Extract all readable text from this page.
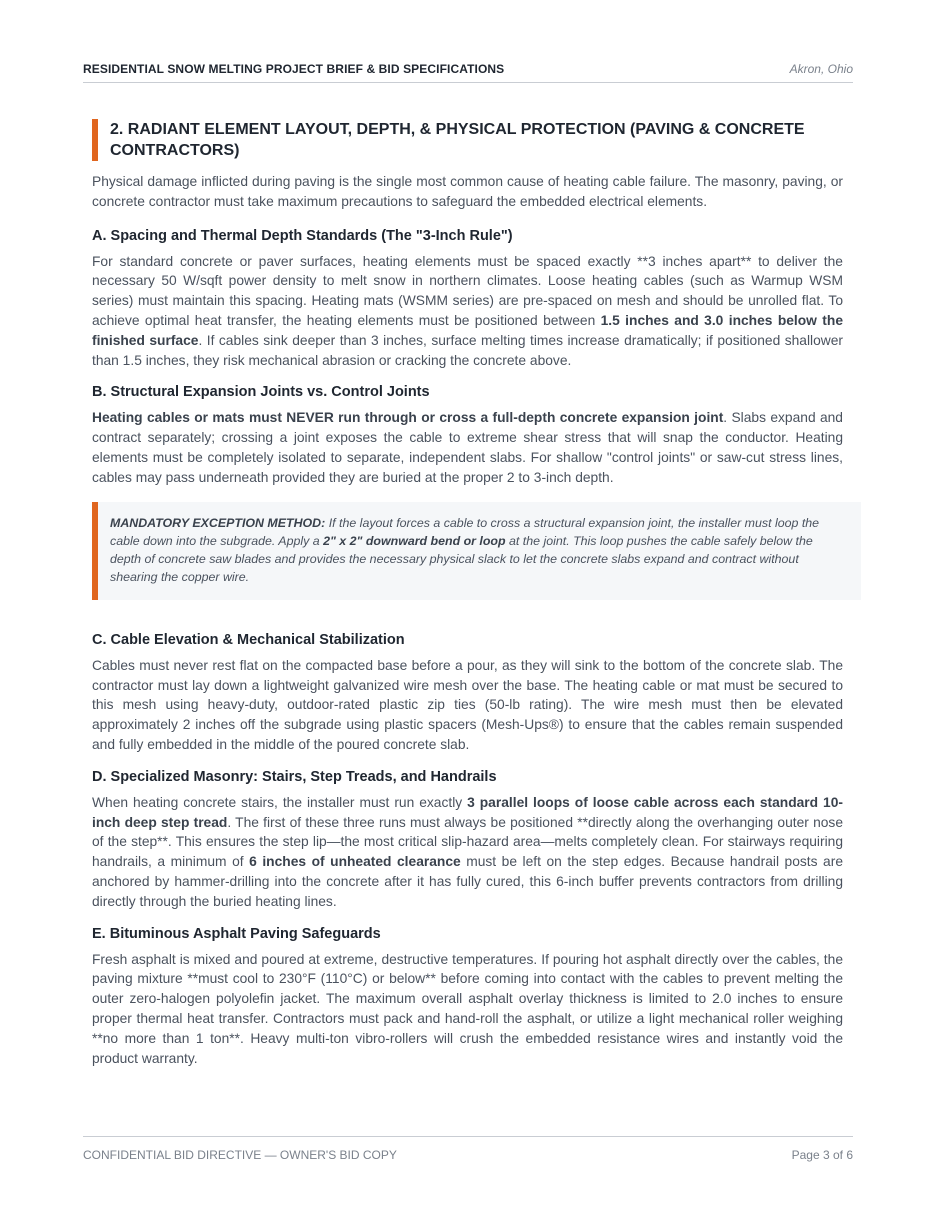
RESIDENTIAL SNOW MELTING PROJECT BRIEF & BID SPECIFICATIONS	Akron, Ohio
2. RADIANT ELEMENT LAYOUT, DEPTH, & PHYSICAL PROTECTION (PAVING & CONCRETE CONTRACTORS)

Physical damage inflicted during paving is the single most common cause of heating cable failure. The masonry, paving, or concrete contractor must take maximum precautions to safeguard the embedded electrical elements.

A. Spacing and Thermal Depth Standards (The "3-Inch Rule")

For standard concrete or paver surfaces, heating elements must be spaced exactly **3 inches apart** to deliver the necessary 50 W/sqft power density to melt snow in northern climates. Loose heating cables (such as Warmup WSM series) must maintain this spacing. Heating mats (WSMM series) are pre-spaced on mesh and should be unrolled flat. To achieve optimal heat transfer, the heating elements must be positioned between 1.5 inches and 3.0 inches below the finished surface. If cables sink deeper than 3 inches, surface melting times increase dramatically; if positioned shallower than 1.5 inches, they risk mechanical abrasion or cracking the concrete above.

B. Structural Expansion Joints vs. Control Joints

Heating cables or mats must NEVER run through or cross a full-depth concrete expansion joint. Slabs expand and contract separately; crossing a joint exposes the cable to extreme shear stress that will snap the conductor. Heating elements must be completely isolated to separate, independent slabs. For shallow "control joints" or saw-cut stress lines, cables may pass underneath provided they are buried at the proper 2 to 3-inch depth.

MANDATORY EXCEPTION METHOD: If the layout forces a cable to cross a structural expansion joint, the installer must loop the cable down into the subgrade. Apply a 2" x 2" downward bend or loop at the joint. This loop pushes the cable safely below the depth of concrete saw blades and provides the necessary physical slack to let the concrete slabs expand and contract without shearing the copper wire.

C. Cable Elevation & Mechanical Stabilization

Cables must never rest flat on the compacted base before a pour, as they will sink to the bottom of the concrete slab. The contractor must lay down a lightweight galvanized wire mesh over the base. The heating cable or mat must be secured to this mesh using heavy-duty, outdoor-rated plastic zip ties (50-lb rating). The wire mesh must then be elevated approximately 2 inches off the subgrade using plastic spacers (Mesh-Ups®) to ensure that the cables remain suspended and fully embedded in the middle of the poured concrete slab.

D. Specialized Masonry: Stairs, Step Treads, and Handrails

When heating concrete stairs, the installer must run exactly 3 parallel loops of loose cable across each standard 10-inch deep step tread. The first of these three runs must always be positioned **directly along the overhanging outer nose of the step**. This ensures the step lip—the most critical slip-hazard area—melts completely clean. For stairways requiring handrails, a minimum of 6 inches of unheated clearance must be left on the step edges. Because handrail posts are anchored by hammer-drilling into the concrete after it has fully cured, this 6-inch buffer prevents contractors from drilling directly through the buried heating lines.

E. Bituminous Asphalt Paving Safeguards

Fresh asphalt is mixed and poured at extreme, destructive temperatures. If pouring hot asphalt directly over the cables, the paving mixture **must cool to 230°F (110°C) or below** before coming into contact with the cables to prevent melting the outer zero-halogen polyolefin jacket. The maximum overall asphalt overlay thickness is limited to 2.0 inches to ensure proper thermal heat transfer. Contractors must pack and hand-roll the asphalt, or utilize a light mechanical roller weighing **no more than 1 ton**. Heavy multi-ton vibro-rollers will crush the embedded resistance wires and instantly void the product warranty.

CONFIDENTIAL BID DIRECTIVE — OWNER'S BID COPY	Page 3 of 6
